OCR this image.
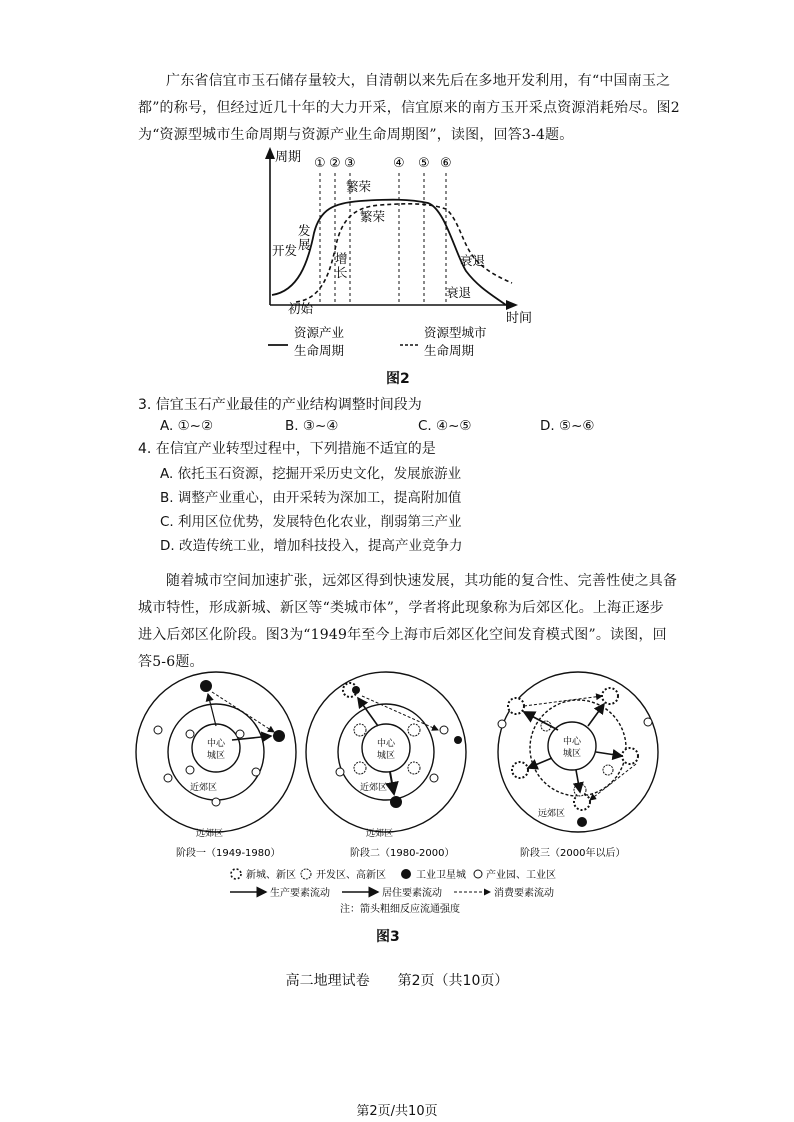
广东省信宜市玉石储存量较大，自清朝以来先后在多地开发利用，有“中国南玉之
都”的称号，但经过近几十年的大力开采，信宜原来的南方玉开采点资源消耗殆尽。图2
为“资源型城市生命周期与资源产业生命周期图”，读图，回答3-4题。
周期
时间
① ② ③	④ ⑤ ⑥
开发
发
展
繁荣
衰退
初始
增
长
繁荣
衰退
资源产业
生命周期
资源型城市
生命周期
图2
3. 信宜玉石产业最佳的产业结构调整时间段为
A. ①~②	B. ③~④	C. ④~⑤	D. ⑤~⑥
4. 在信宜产业转型过程中，下列措施不适宜的是
A. 依托玉石资源，挖掘开采历史文化，发展旅游业
B. 调整产业重心，由开采转为深加工，提高附加值
C. 利用区位优势，发展特色化农业，削弱第三产业
D. 改造传统工业，增加科技投入，提高产业竞争力
随着城市空间加速扩张，远郊区得到快速发展，其功能的复合性、完善性使之具备
城市特性，形成新城、新区等“类城市体”，学者将此现象称为后郊区化。上海正逐步
进入后郊区化阶段。图3为“1949年至今上海市后郊区化空间发育模式图”。读图，回
答5-6题。
中心
城区
近郊区
远郊区
中心
城区
近郊区
远郊区
中心
城区
远郊区
阶段一（1949-1980）	阶段二（1980-2000）	阶段三（2000年以后）
新城、新区 开发区、高新区	工业卫星城 产业园、工业区
生产要素流动	居住要素流动	消费要素流动
注：箭头粗细反应流通强度
图3
高二地理试卷　　第2页（共10页）
第2页/共10页
